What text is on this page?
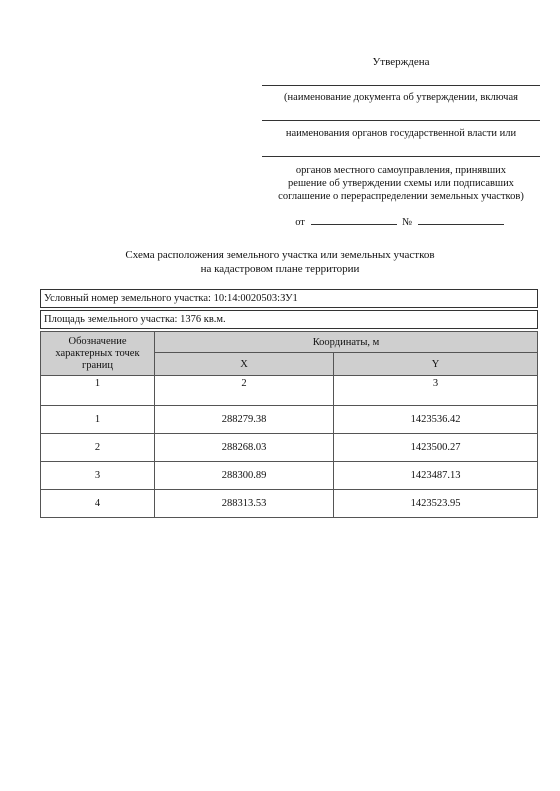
Утверждена
(наименование документа об утверждении, включая
наименования органов государственной власти или
органов местного самоуправления, принявших
решение об утверждении схемы или подписавших
соглашение о перераспределении земельных участков)
от	№
Схема расположения земельного участка или земельных участков
на кадастровом плане территории
Условный номер земельного участка: 10:14:0020503:ЗУ1
Площадь земельного участка: 1376 кв.м.
Обозначение характерных точек границ	Координаты, м	
	X	Y
1	2	3
1	288279.38	1423536.42
2	288268.03	1423500.27
3	288300.89	1423487.13
4	288313.53	1423523.95
